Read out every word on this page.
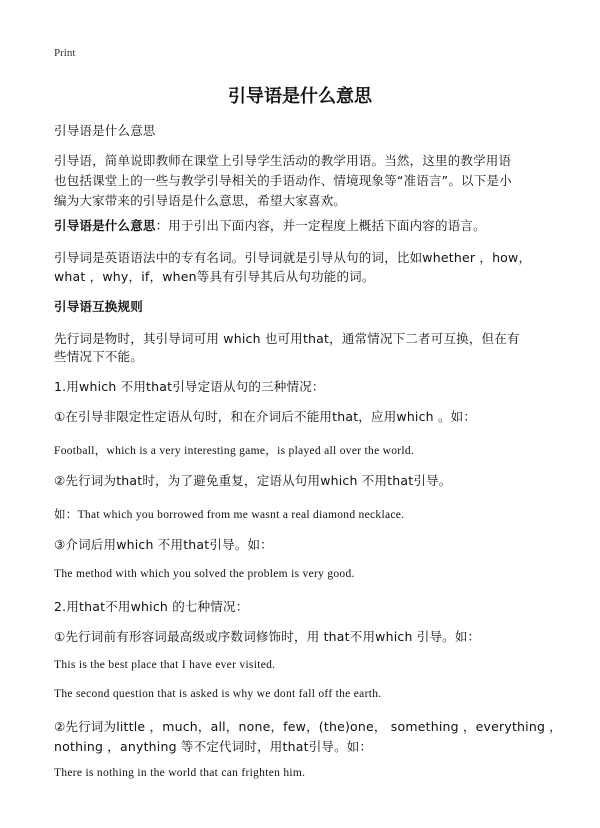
Print

引导语是什么意思

引导语是什么意思

引导语，简单说即教师在课堂上引导学生活动的教学用语。当然，这里的教学用语

也包括课堂上的一些与教学引导相关的手语动作、情境现象等“准语言”。以下是小

编为大家带来的引导语是什么意思，希望大家喜欢。

引导语是什么意思：用于引出下面内容，并一定程度上概括下面内容的语言。

引导词是英语语法中的专有名词。引导词就是引导从句的词，比如whether ，how，

what ，why，if，when等具有引导其后从句功能的词。

引导语互换规则

先行词是物时，其引导词可用 which 也可用that，通常情况下二者可互换，但在有

些情况下不能。

1.用which 不用that引导定语从句的三种情况：

①在引导非限定性定语从句时，和在介词后不能用that，应用which 。如：

Football，which is a very interesting game，is played all over the world.

②先行词为that时，为了避免重复，定语从句用which 不用that引导。

如：That which you borrowed from me wasnt a real diamond necklace.

③介词后用which 不用that引导。如：

The method with which you solved the problem is very good.

2.用that不用which 的七种情况：

①先行词前有形容词最高级或序数词修饰时，用 that不用which 引导。如：

This is the best place that I have ever visited.

The second question that is asked is why we dont fall off the earth.

②先行词为little ，much，all，none，few，(the)one， something ，everything ，

nothing ，anything 等不定代词时，用that引导。如：

There is nothing in the world that can frighten him.
